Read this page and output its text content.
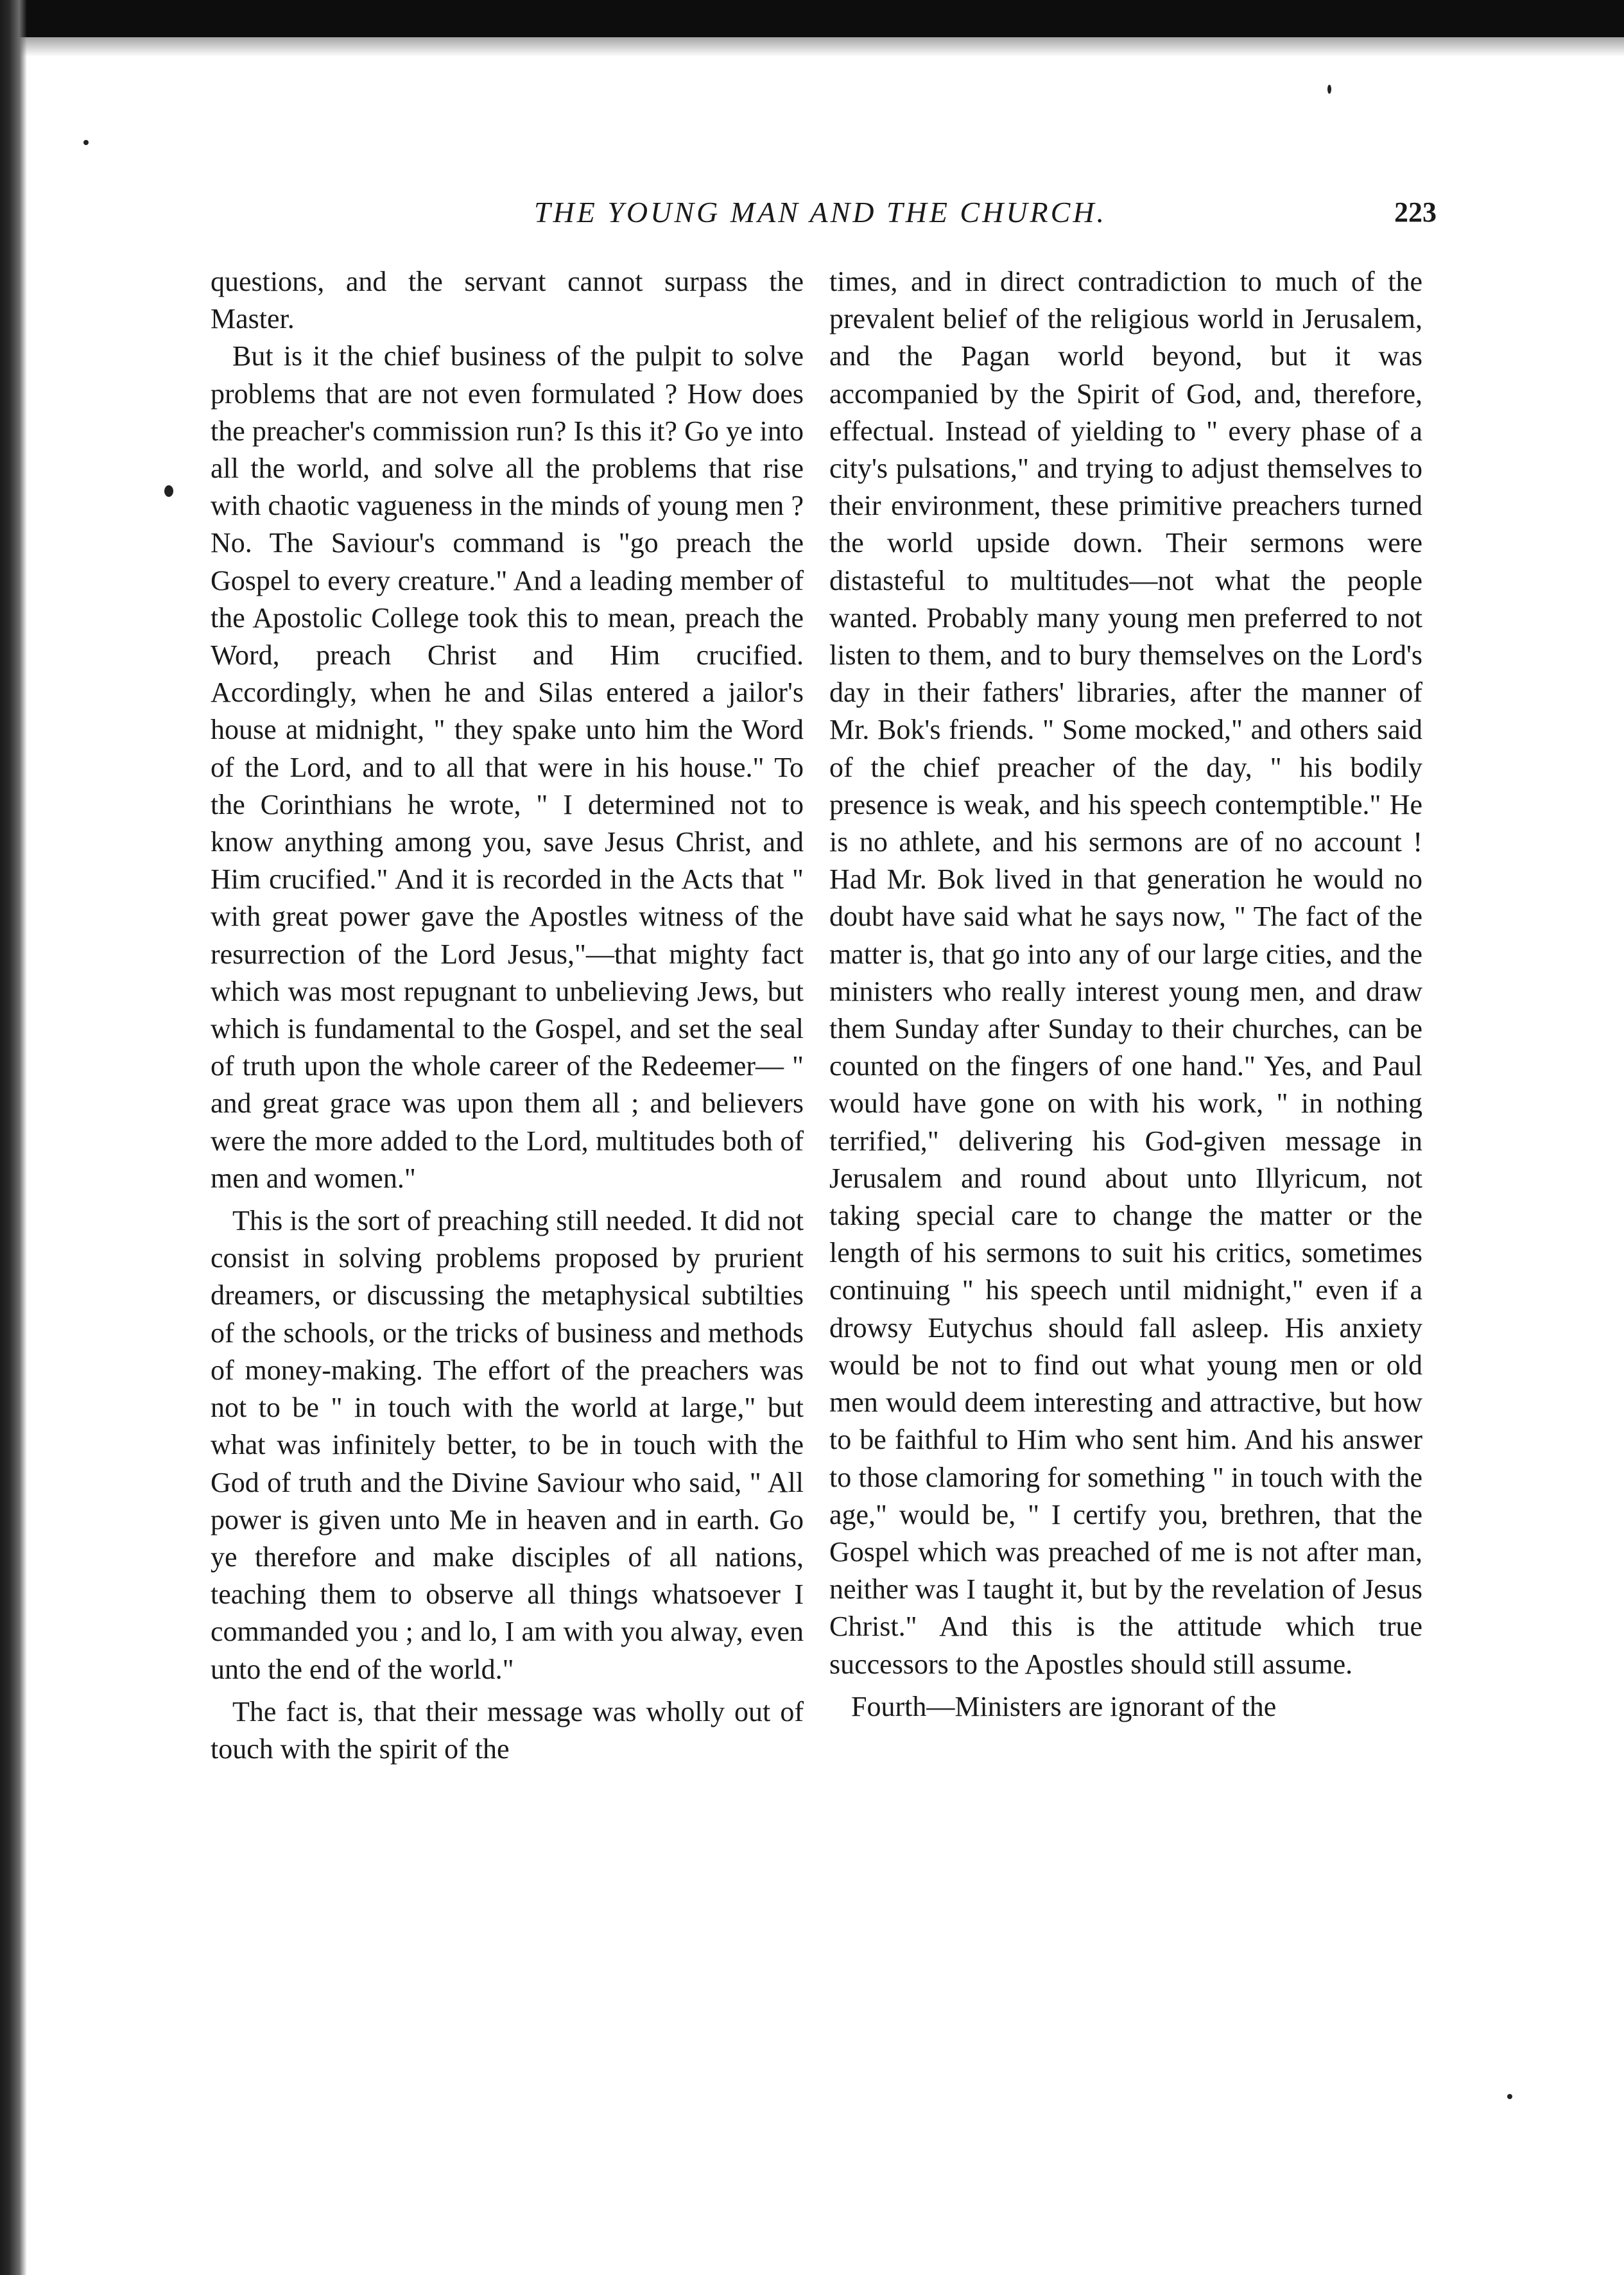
THE YOUNG MAN AND THE CHURCH.	223

questions, and the servant cannot surpass the Master.

But is it the chief business of the pulpit to solve problems that are not even formulated ? How does the preacher's commission run? Is this it? Go ye into all the world, and solve all the problems that rise with chaotic vagueness in the minds of young men ? No. The Saviour's command is "go preach the Gospel to every creature." And a leading member of the Apostolic College took this to mean, preach the Word, preach Christ and Him crucified. Accordingly, when he and Silas entered a jailor's house at midnight, " they spake unto him the Word of the Lord, and to all that were in his house." To the Corinthians he wrote, " I determined not to know anything among you, save Jesus Christ, and Him crucified." And it is recorded in the Acts that " with great power gave the Apostles witness of the resurrection of the Lord Jesus,"—that mighty fact which was most repugnant to unbelieving Jews, but which is fundamental to the Gospel, and set the seal of truth upon the whole career of the Redeemer— " and great grace was upon them all ; and believers were the more added to the Lord, multitudes both of men and women."

This is the sort of preaching still needed. It did not consist in solving problems proposed by prurient dreamers, or discussing the metaphysical subtilties of the schools, or the tricks of business and methods of money-making. The effort of the preachers was not to be " in touch with the world at large," but what was infinitely better, to be in touch with the God of truth and the Divine Saviour who said, " All power is given unto Me in heaven and in earth. Go ye therefore and make disciples of all nations, teaching them to observe all things whatsoever I commanded you ; and lo, I am with you alway, even unto the end of the world."

The fact is, that their message was wholly out of touch with the spirit of the

times, and in direct contradiction to much of the prevalent belief of the religious world in Jerusalem, and the Pagan world beyond, but it was accompanied by the Spirit of God, and, therefore, effectual. Instead of yielding to " every phase of a city's pulsations," and trying to adjust themselves to their environment, these primitive preachers turned the world upside down. Their sermons were distasteful to multitudes—not what the people wanted. Probably many young men preferred to not listen to them, and to bury themselves on the Lord's day in their fathers' libraries, after the manner of Mr. Bok's friends. " Some mocked," and others said of the chief preacher of the day, " his bodily presence is weak, and his speech contemptible." He is no athlete, and his sermons are of no account ! Had Mr. Bok lived in that generation he would no doubt have said what he says now, " The fact of the matter is, that go into any of our large cities, and the ministers who really interest young men, and draw them Sunday after Sunday to their churches, can be counted on the fingers of one hand." Yes, and Paul would have gone on with his work, " in nothing terrified," delivering his God-given message in Jerusalem and round about unto Illyricum, not taking special care to change the matter or the length of his sermons to suit his critics, sometimes continuing " his speech until midnight," even if a drowsy Eutychus should fall asleep. His anxiety would be not to find out what young men or old men would deem interesting and attractive, but how to be faithful to Him who sent him. And his answer to those clamoring for something " in touch with the age," would be, " I certify you, brethren, that the Gospel which was preached of me is not after man, neither was I taught it, but by the revelation of Jesus Christ." And this is the attitude which true successors to the Apostles should still assume.

Fourth—Ministers are ignorant of the
